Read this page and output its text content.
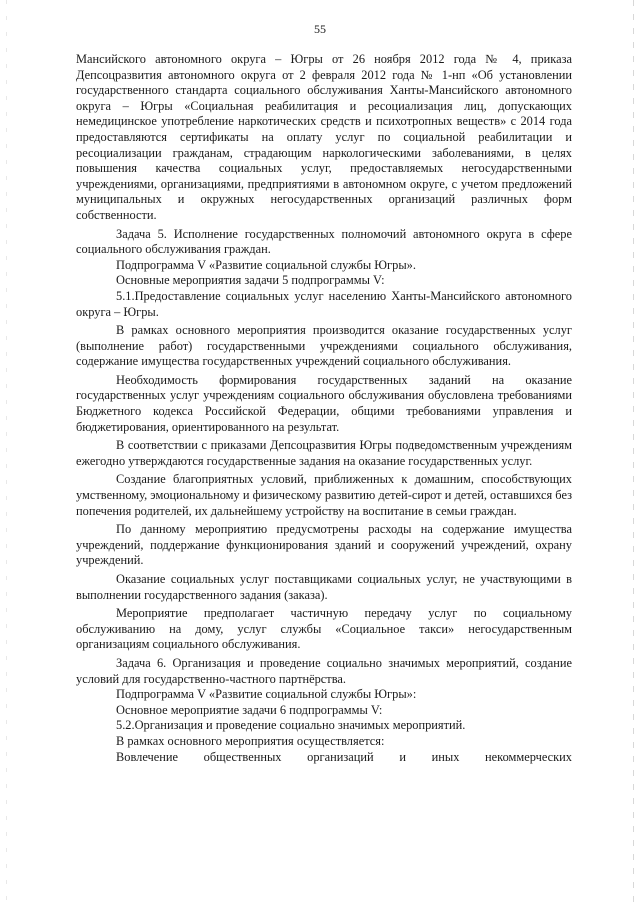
55

Мансийского автономного округа – Югры от 26 ноября 2012 года № 4, приказа Депсоцразвития автономного округа от 2 февраля 2012 года № 1-нп «Об установлении государственного стандарта социального обслуживания Ханты-Мансийского автономного округа – Югры «Социальная реабилитация и ресоциализация лиц, допускающих немедицинское употребление наркотических средств и психотропных веществ» с 2014 года предоставляются сертификаты на оплату услуг по социальной реабилитации и ресоциализации гражданам, страдающим наркологическими заболеваниями, в целях повышения качества социальных услуг, предоставляемых негосударственными учреждениями, организациями, предприятиями в автономном округе, с учетом предложений муниципальных и окружных негосударственных организаций различных форм собственности.

Задача 5. Исполнение государственных полномочий автономного округа в сфере социального обслуживания граждан.

Подпрограмма V «Развитие социальной службы Югры».

Основные мероприятия задачи 5 подпрограммы V:

5.1.Предоставление социальных услуг населению Ханты-Мансийского автономного округа – Югры.

В рамках основного мероприятия производится оказание государственных услуг (выполнение работ) государственными учреждениями социального обслуживания, содержание имущества государственных учреждений социального обслуживания.

Необходимость формирования государственных заданий на оказание государственных услуг учреждениям социального обслуживания обусловлена требованиями Бюджетного кодекса Российской Федерации, общими требованиями управления и бюджетирования, ориентированного на результат.

В соответствии с приказами Депсоцразвития Югры подведомственным учреждениям ежегодно утверждаются государственные задания на оказание государственных услуг.

Создание благоприятных условий, приближенных к домашним, способствующих умственному, эмоциональному и физическому развитию детей-сирот и детей, оставшихся без попечения родителей, их дальнейшему устройству на воспитание в семьи граждан.

По данному мероприятию предусмотрены расходы на содержание имущества учреждений, поддержание функционирования зданий и сооружений учреждений, охрану учреждений.

Оказание социальных услуг поставщиками социальных услуг, не участвующими в выполнении государственного задания (заказа).

Мероприятие предполагает частичную передачу услуг по социальному обслуживанию на дому, услуг службы «Социальное такси» негосударственным организациям социального обслуживания.

Задача 6. Организация и проведение социально значимых мероприятий, создание условий для государственно-частного партнёрства.

Подпрограмма V «Развитие социальной службы Югры»:

Основное мероприятие задачи 6 подпрограммы V:

5.2.Организация и проведение социально значимых мероприятий.

В рамках основного мероприятия осуществляется:

Вовлечение общественных организаций и иных некоммерческих
